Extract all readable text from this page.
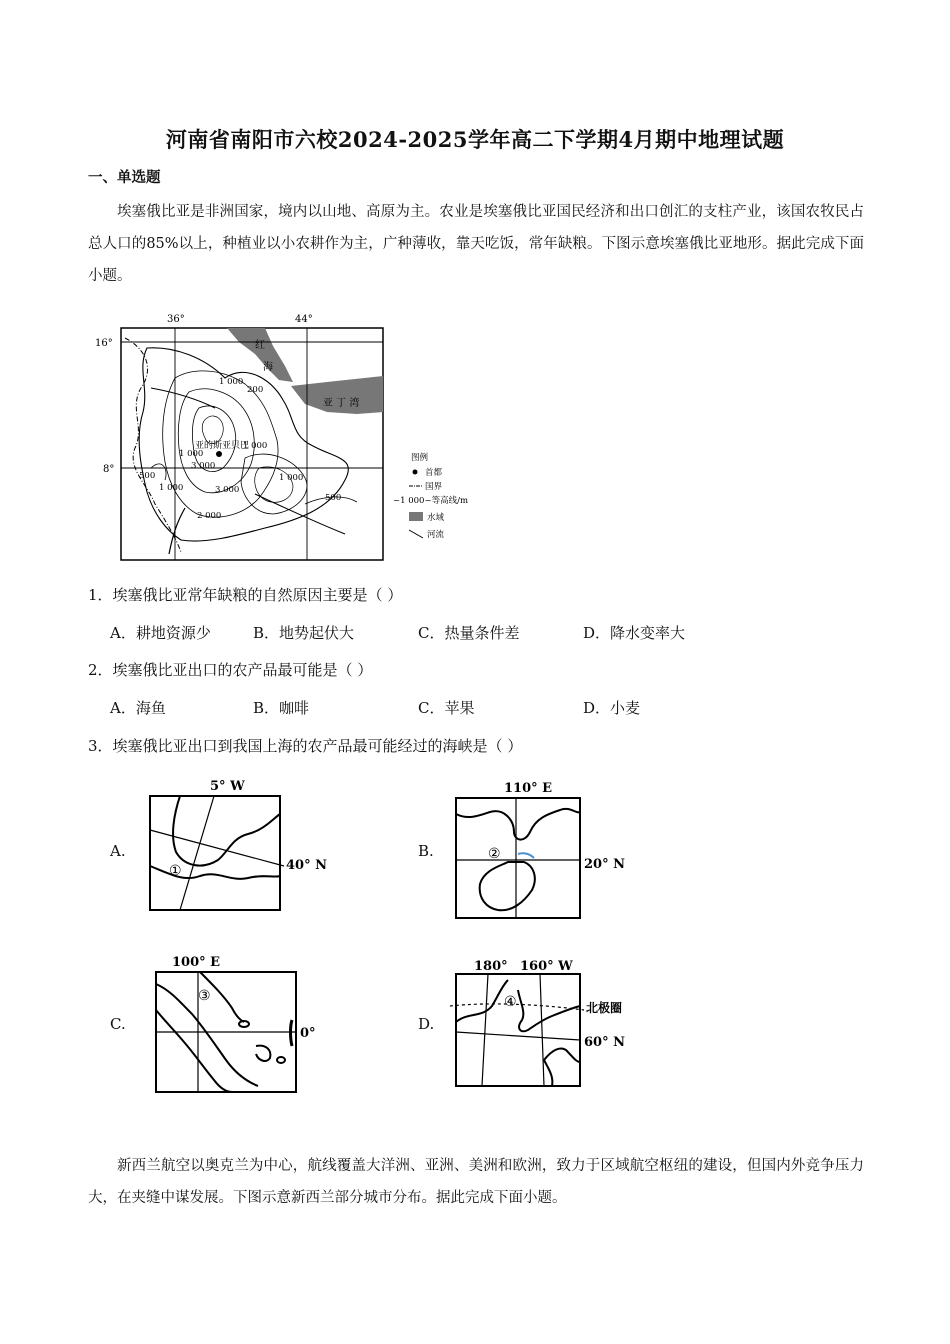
河南省南阳市六校2024-2025学年高二下学期4月期中地理试题
一、单选题
埃塞俄比亚是非洲国家，境内以山地、高原为主。农业是埃塞俄比亚国民经济和出口创汇的支柱产业，该国农牧民占总人口的85%以上，种植业以小农耕作为主，广种薄收，靠天吃饭，常年缺粮。下图示意埃塞俄比亚地形。据此完成下面小题。
36°	44°
16°
8°
红
海
亚 丁 湾
亚的斯亚贝巴
1 000
200
1 000
1 000
3 000
500
1 000	3 000
1 000
2 000
500
图例
首都
国界
~1 000~等高线/m
水域
河流
1．埃塞俄比亚常年缺粮的自然原因主要是（ ）
A．耕地资源少	B．地势起伏大	C．热量条件差	D．降水变率大
2．埃塞俄比亚出口的农产品最可能是（ ）
A．海鱼	B．咖啡	C．苹果	D．小麦
3．埃塞俄比亚出口到我国上海的农产品最可能经过的海峡是（ ）
A.
5° W
40° N
①
B.
110° E
20° N
②
C.
100° E
0°
③
D.
180° 160° W
北极圈
60° N
④
新西兰航空以奥克兰为中心，航线覆盖大洋洲、亚洲、美洲和欧洲，致力于区域航空枢纽的建设，但国内外竞争压力大，在夹缝中谋发展。下图示意新西兰部分城市分布。据此完成下面小题。
